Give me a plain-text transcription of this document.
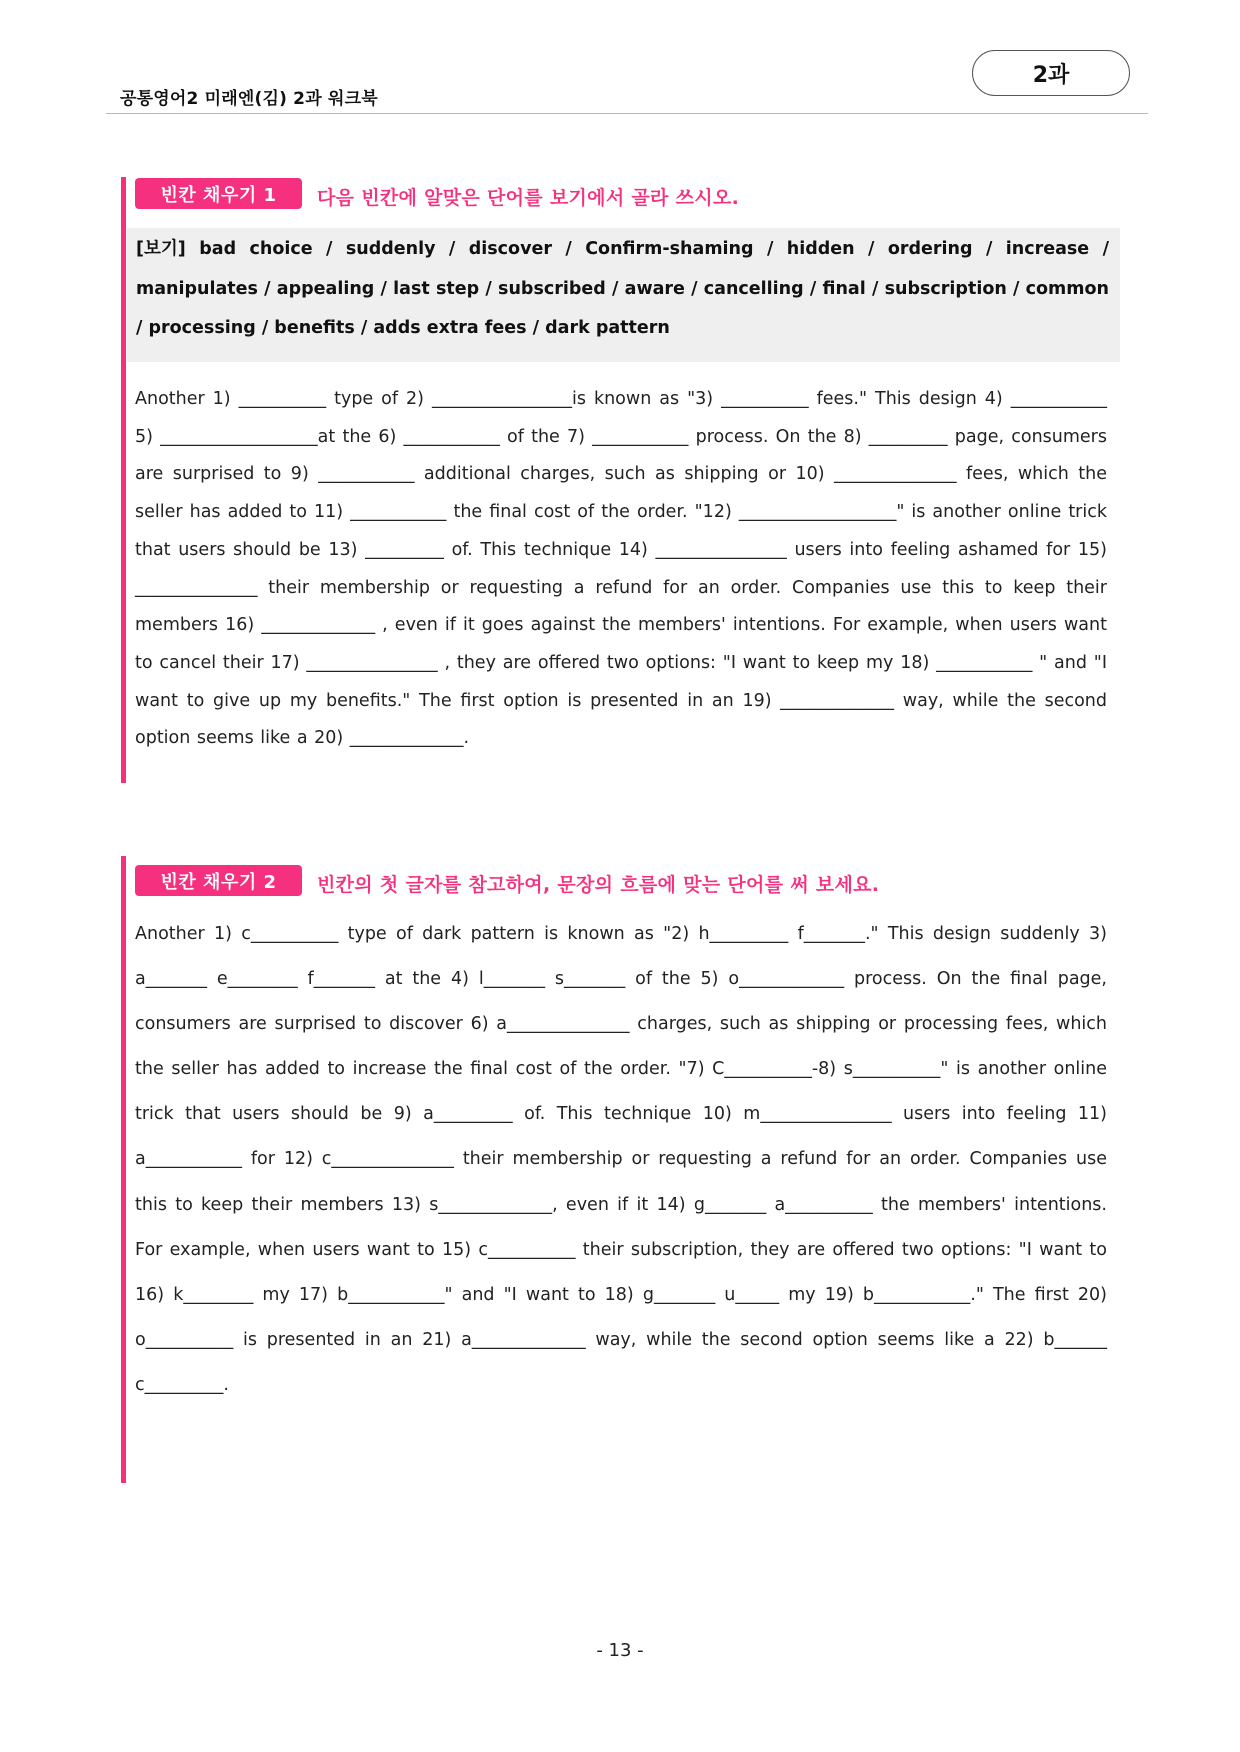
공통영어2 미래엔(김) 2과 워크북
2과
빈칸 채우기 1	다음 빈칸에 알맞은 단어를 보기에서 골라 쓰시오.
[보기] bad choice / suddenly / discover / Confirm-shaming / hidden / ordering / increase / manipulates / appealing / last step / subscribed / aware / cancelling / final / subscription / common / processing / benefits / adds extra fees / dark pattern
Another 1) __________ type of 2) ________________is known as "3) __________ fees." This design 4) ___________ 5) __________________at the 6) ___________ of the 7) ___________ process. On the 8) _________ page, consumers are surprised to 9) ___________ additional charges, such as shipping or 10) ______________ fees, which the seller has added to 11) ___________ the final cost of the order. "12) __________________" is another online trick that users should be 13) _________ of. This technique 14) _______________ users into feeling ashamed for 15) ______________ their membership or requesting a refund for an order. Companies use this to keep their members 16) _____________ , even if it goes against the members' intentions. For example, when users want to cancel their 17) _______________ , they are offered two options: "I want to keep my 18) ___________ " and "I want to give up my benefits." The first option is presented in an 19) _____________ way, while the second option seems like a 20) _____________.
빈칸 채우기 2	빈칸의 첫 글자를 참고하여, 문장의 흐름에 맞는 단어를 써 보세요.
Another 1) c__________ type of dark pattern is known as "2) h_________ f_______." This design suddenly 3) a_______ e________ f_______ at the 4) l_______ s_______ of the 5) o____________ process. On the final page, consumers are surprised to discover 6) a______________ charges, such as shipping or processing fees, which the seller has added to increase the final cost of the order. "7) C__________-8) s__________" is another online trick that users should be 9) a_________ of. This technique 10) m_______________ users into feeling 11) a___________ for 12) c______________ their membership or requesting a refund for an order. Companies use this to keep their members 13) s_____________, even if it 14) g_______ a__________ the members' intentions. For example, when users want to 15) c__________ their subscription, they are offered two options: "I want to 16) k________ my 17) b___________" and "I want to 18) g_______ u_____ my 19) b___________." The first 20) o__________ is presented in an 21) a_____________ way, while the second option seems like a 22) b______ c_________.
- 13 -
